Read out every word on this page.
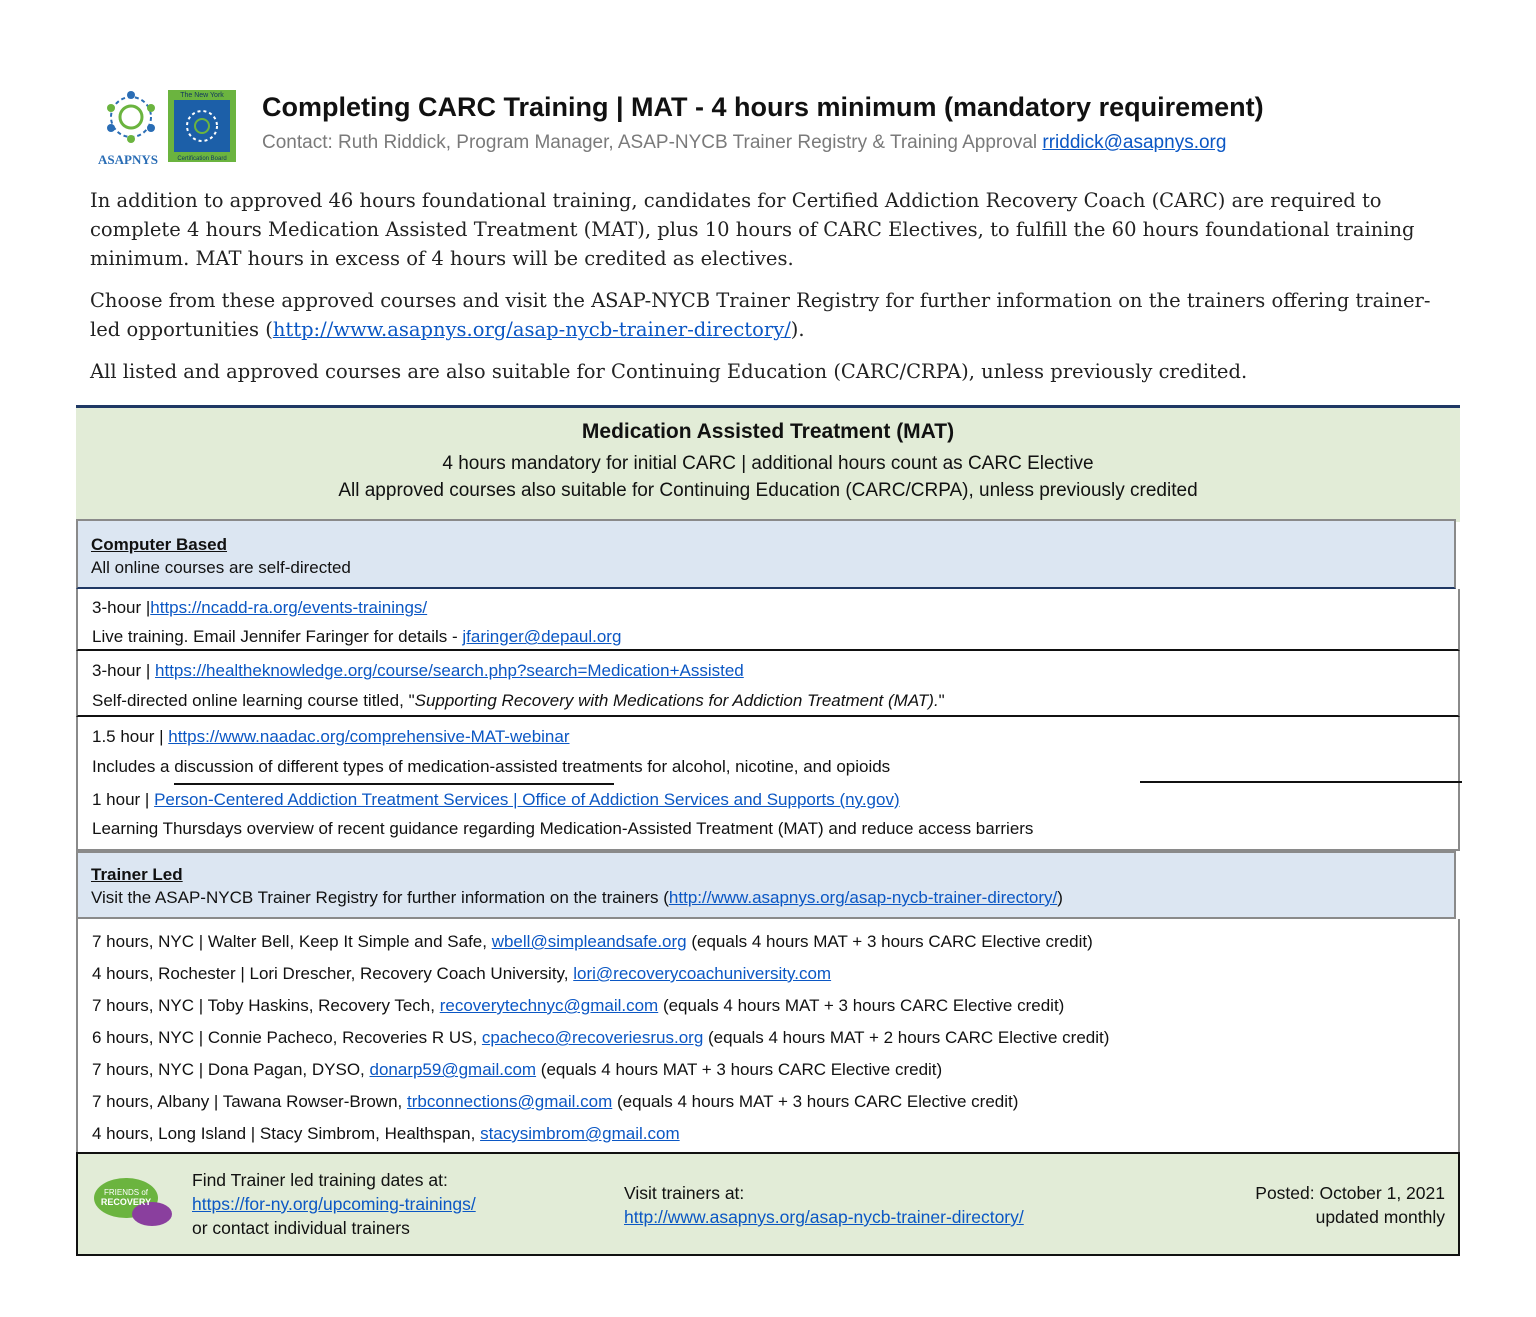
ASAPNYS
The New York
Certification Board
Completing CARC Training | MAT - 4 hours minimum (mandatory requirement)
Contact: Ruth Riddick, Program Manager, ASAP-NYCB Trainer Registry & Training Approval rriddick@asapnys.org
In addition to approved 46 hours foundational training, candidates for Certified Addiction Recovery Coach (CARC) are required to complete 4 hours Medication Assisted Treatment (MAT), plus 10 hours of CARC Electives, to fulfill the 60 hours foundational training minimum. MAT hours in excess of 4 hours will be credited as electives.
Choose from these approved courses and visit the ASAP-NYCB Trainer Registry for further information on the trainers offering trainer-led opportunities (http://www.asapnys.org/asap-nycb-trainer-directory/).
All listed and approved courses are also suitable for Continuing Education (CARC/CRPA), unless previously credited.
Medication Assisted Treatment (MAT)
4 hours mandatory for initial CARC | additional hours count as CARC Elective
All approved courses also suitable for Continuing Education (CARC/CRPA), unless previously credited
Computer Based
All online courses are self-directed
3-hour |https://ncadd-ra.org/events-trainings/
Live training. Email Jennifer Faringer for details - jfaringer@depaul.org
3-hour | https://healtheknowledge.org/course/search.php?search=Medication+Assisted
Self-directed online learning course titled, "Supporting Recovery with Medications for Addiction Treatment (MAT)."
1.5 hour | https://www.naadac.org/comprehensive-MAT-webinar
Includes a discussion of different types of medication-assisted treatments for alcohol, nicotine, and opioids
1 hour | Person-Centered Addiction Treatment Services | Office of Addiction Services and Supports (ny.gov)
Learning Thursdays overview of recent guidance regarding Medication-Assisted Treatment (MAT) and reduce access barriers
Trainer Led
Visit the ASAP-NYCB Trainer Registry for further information on the trainers (http://www.asapnys.org/asap-nycb-trainer-directory/)
7 hours, NYC | Walter Bell, Keep It Simple and Safe, wbell@simpleandsafe.org (equals 4 hours MAT + 3 hours CARC Elective credit)
4 hours, Rochester | Lori Drescher, Recovery Coach University, lori@recoverycoachuniversity.com
7 hours, NYC | Toby Haskins, Recovery Tech, recoverytechnyc@gmail.com (equals 4 hours MAT + 3 hours CARC Elective credit)
6 hours, NYC | Connie Pacheco, Recoveries R US, cpacheco@recoveriesrus.org (equals 4 hours MAT + 2 hours CARC Elective credit)
7 hours, NYC | Dona Pagan, DYSO, donarp59@gmail.com (equals 4 hours MAT + 3 hours CARC Elective credit)
7 hours, Albany | Tawana Rowser-Brown, trbconnections@gmail.com (equals 4 hours MAT + 3 hours CARC Elective credit)
4 hours, Long Island | Stacy Simbrom, Healthspan, stacysimbrom@gmail.com
FRIENDS of
RECOVERY
Find Trainer led training dates at:
https://for-ny.org/upcoming-trainings/
or contact individual trainers
Visit trainers at:
http://www.asapnys.org/asap-nycb-trainer-directory/
Posted: October 1, 2021
updated monthly
